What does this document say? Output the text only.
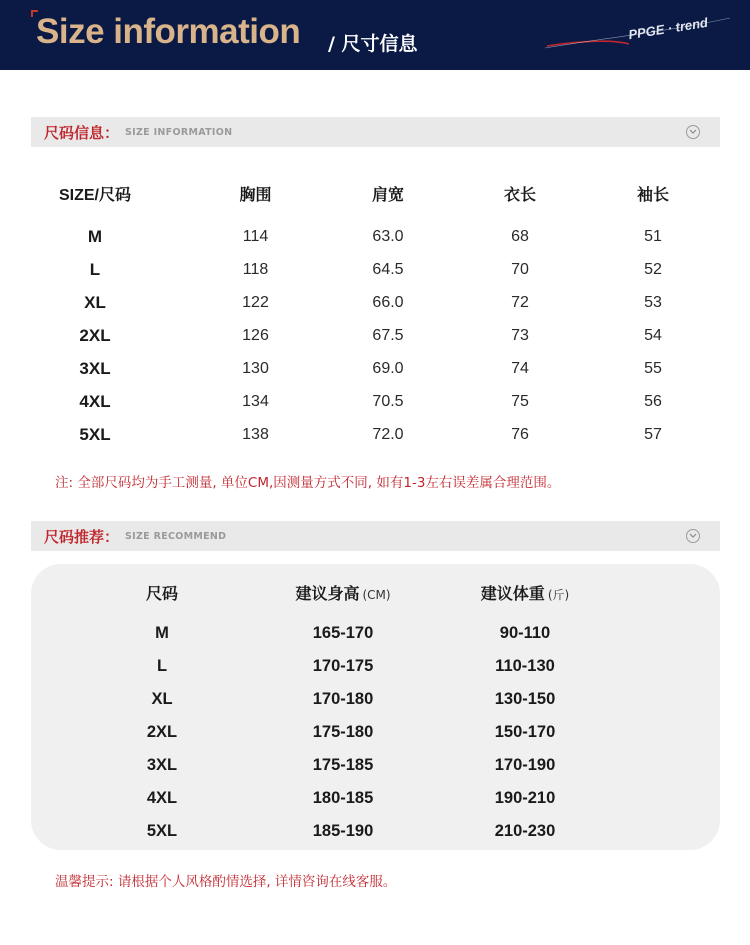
Size information / 尺寸信息
PPGE · trend
尺码信息： SIZE INFORMATION
SIZE/尺码	胸围	肩宽	衣长	袖长
M	114	63.0	68	51
L	118	64.5	70	52
XL	122	66.0	72	53
2XL	126	67.5	73	54
3XL	130	69.0	74	55
4XL	134	70.5	75	56
5XL	138	72.0	76	57
注: 全部尺码均为手工测量, 单位CM,因测量方式不同, 如有1-3左右误差属合理范围。
尺码推荐： SIZE RECOMMEND
尺码	建议身高 (CM)	建议体重 (斤)
M	165-170	90-110
L	170-175	110-130
XL	170-180	130-150
2XL	175-180	150-170
3XL	175-185	170-190
4XL	180-185	190-210
5XL	185-190	210-230
温馨提示: 请根据个人风格酌情选择, 详情咨询在线客服。
